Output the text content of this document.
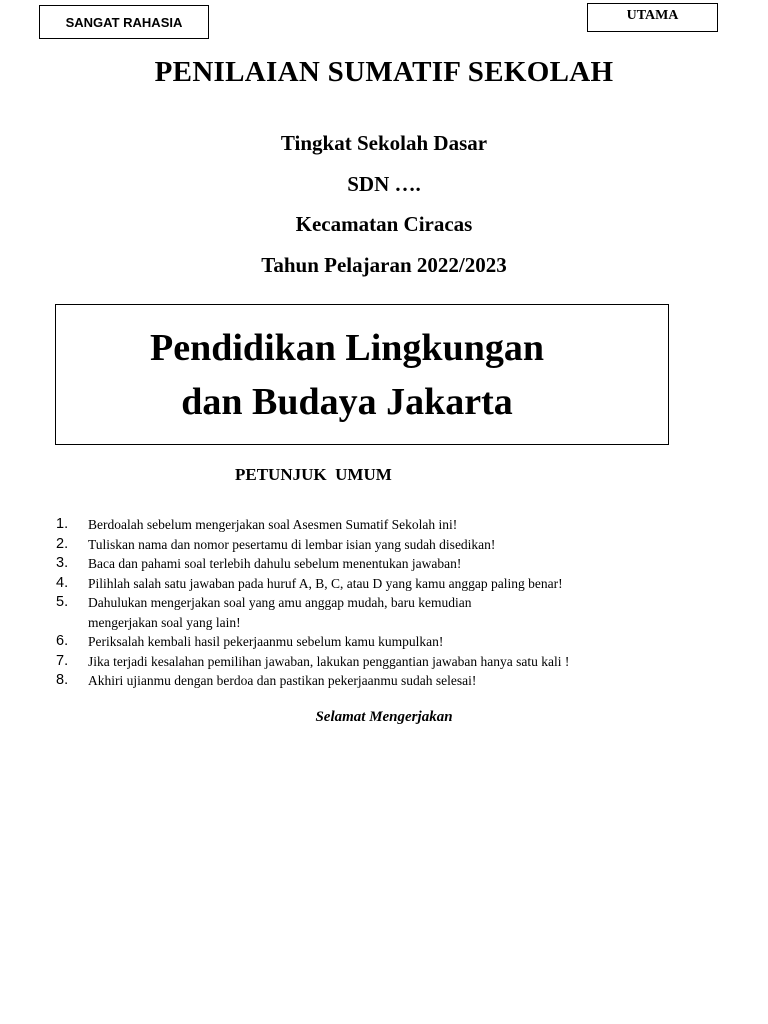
SANGAT RAHASIA	UTAMA
PENILAIAN SUMATIF SEKOLAH
Tingkat Sekolah Dasar
SDN ….
Kecamatan Ciracas
Tahun Pelajaran 2022/2023
Pendidikan Lingkungan
dan Budaya Jakarta
PETUNJUK  UMUM
1.	Berdoalah sebelum mengerjakan soal Asesmen Sumatif Sekolah ini!
2.	Tuliskan nama dan nomor pesertamu di lembar isian yang sudah disedikan!
3.	Baca dan pahami soal terlebih dahulu sebelum menentukan jawaban!
4.	Pilihlah salah satu jawaban pada huruf A, B, C, atau D yang kamu anggap paling benar!
5.	Dahulukan mengerjakan soal yang amu anggap mudah, baru kemudian
mengerjakan soal yang lain!
6.	Periksalah kembali hasil pekerjaanmu sebelum kamu kumpulkan!
7.	Jika terjadi kesalahan pemilihan jawaban, lakukan penggantian jawaban hanya satu kali !
8.	Akhiri ujianmu dengan berdoa dan pastikan pekerjaanmu sudah selesai!
Selamat Mengerjakan
